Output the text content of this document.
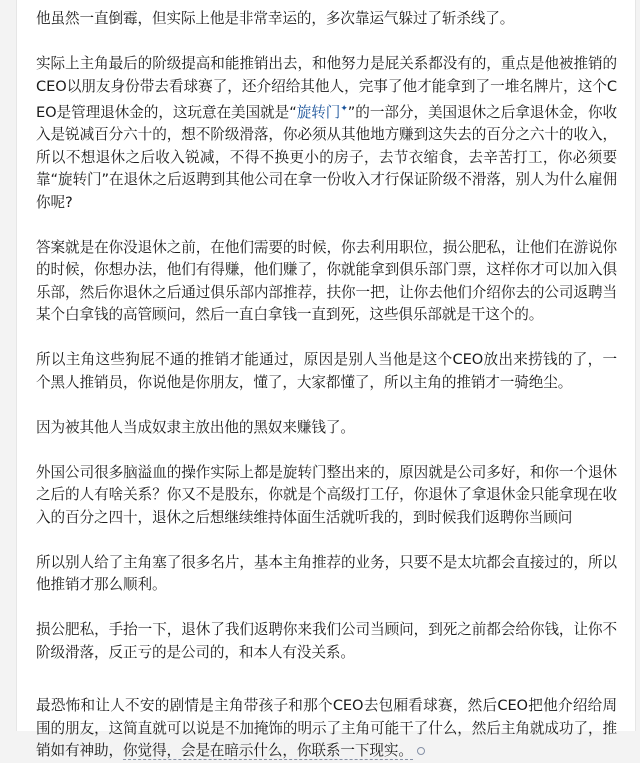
他虽然一直倒霉，但实际上他是非常幸运的，多次靠运气躲过了斩杀线了。

实际上主角最后的阶级提高和能推销出去，和他努力是屁关系都没有的，重点是他被推销的CEO以朋友身份带去看球赛了，还介绍给其他人，完事了他才能拿到了一堆名牌片，这个CEO是管理退休金的，这玩意在美国就是“旋转门✦”的一部分，美国退休之后拿退休金，你收入是锐减百分六十的，想不阶级滑落，你必须从其他地方赚到这失去的百分之六十的收入，所以不想退休之后收入锐减，不得不换更小的房子，去节衣缩食，去辛苦打工，你必须要靠“旋转门”在退休之后返聘到其他公司在拿一份收入才行保证阶级不滑落，别人为什么雇佣你呢?

答案就是在你没退休之前，在他们需要的时候，你去利用职位，损公肥私，让他们在游说你的时候，你想办法，他们有得赚，他们赚了，你就能拿到俱乐部门票，这样你才可以加入俱乐部，然后你退休之后通过俱乐部内部推荐，扶你一把，让你去他们介绍你去的公司返聘当某个白拿钱的高管顾问，然后一直白拿钱一直到死，这些俱乐部就是干这个的。

所以主角这些狗屁不通的推销才能通过，原因是别人当他是这个CEO放出来捞钱的了，一个黑人推销员，你说他是你朋友，懂了，大家都懂了，所以主角的推销才一骑绝尘。

因为被其他人当成奴隶主放出他的黑奴来赚钱了。

外国公司很多脑溢血的操作实际上都是旋转门整出来的，原因就是公司多好，和你一个退休之后的人有啥关系？你又不是股东，你就是个高级打工仔，你退休了拿退休金只能拿现在收入的百分之四十，退休之后想继续维持体面生活就听我的，到时候我们返聘你当顾问

所以别人给了主角塞了很多名片，基本主角推荐的业务，只要不是太坑都会直接过的，所以他推销才那么顺利。

损公肥私，手抬一下，退休了我们返聘你来我们公司当顾问，到死之前都会给你钱，让你不阶级滑落，反正亏的是公司的，和本人有没关系。

最恐怖和让人不安的剧情是主角带孩子和那个CEO去包厢看球赛，然后CEO把他介绍给周围的朋友，这简直就可以说是不加掩饰的明示了主角可能干了什么，然后主角就成功了，推销如有神助，你觉得，会是在暗示什么，你联系一下现实。
